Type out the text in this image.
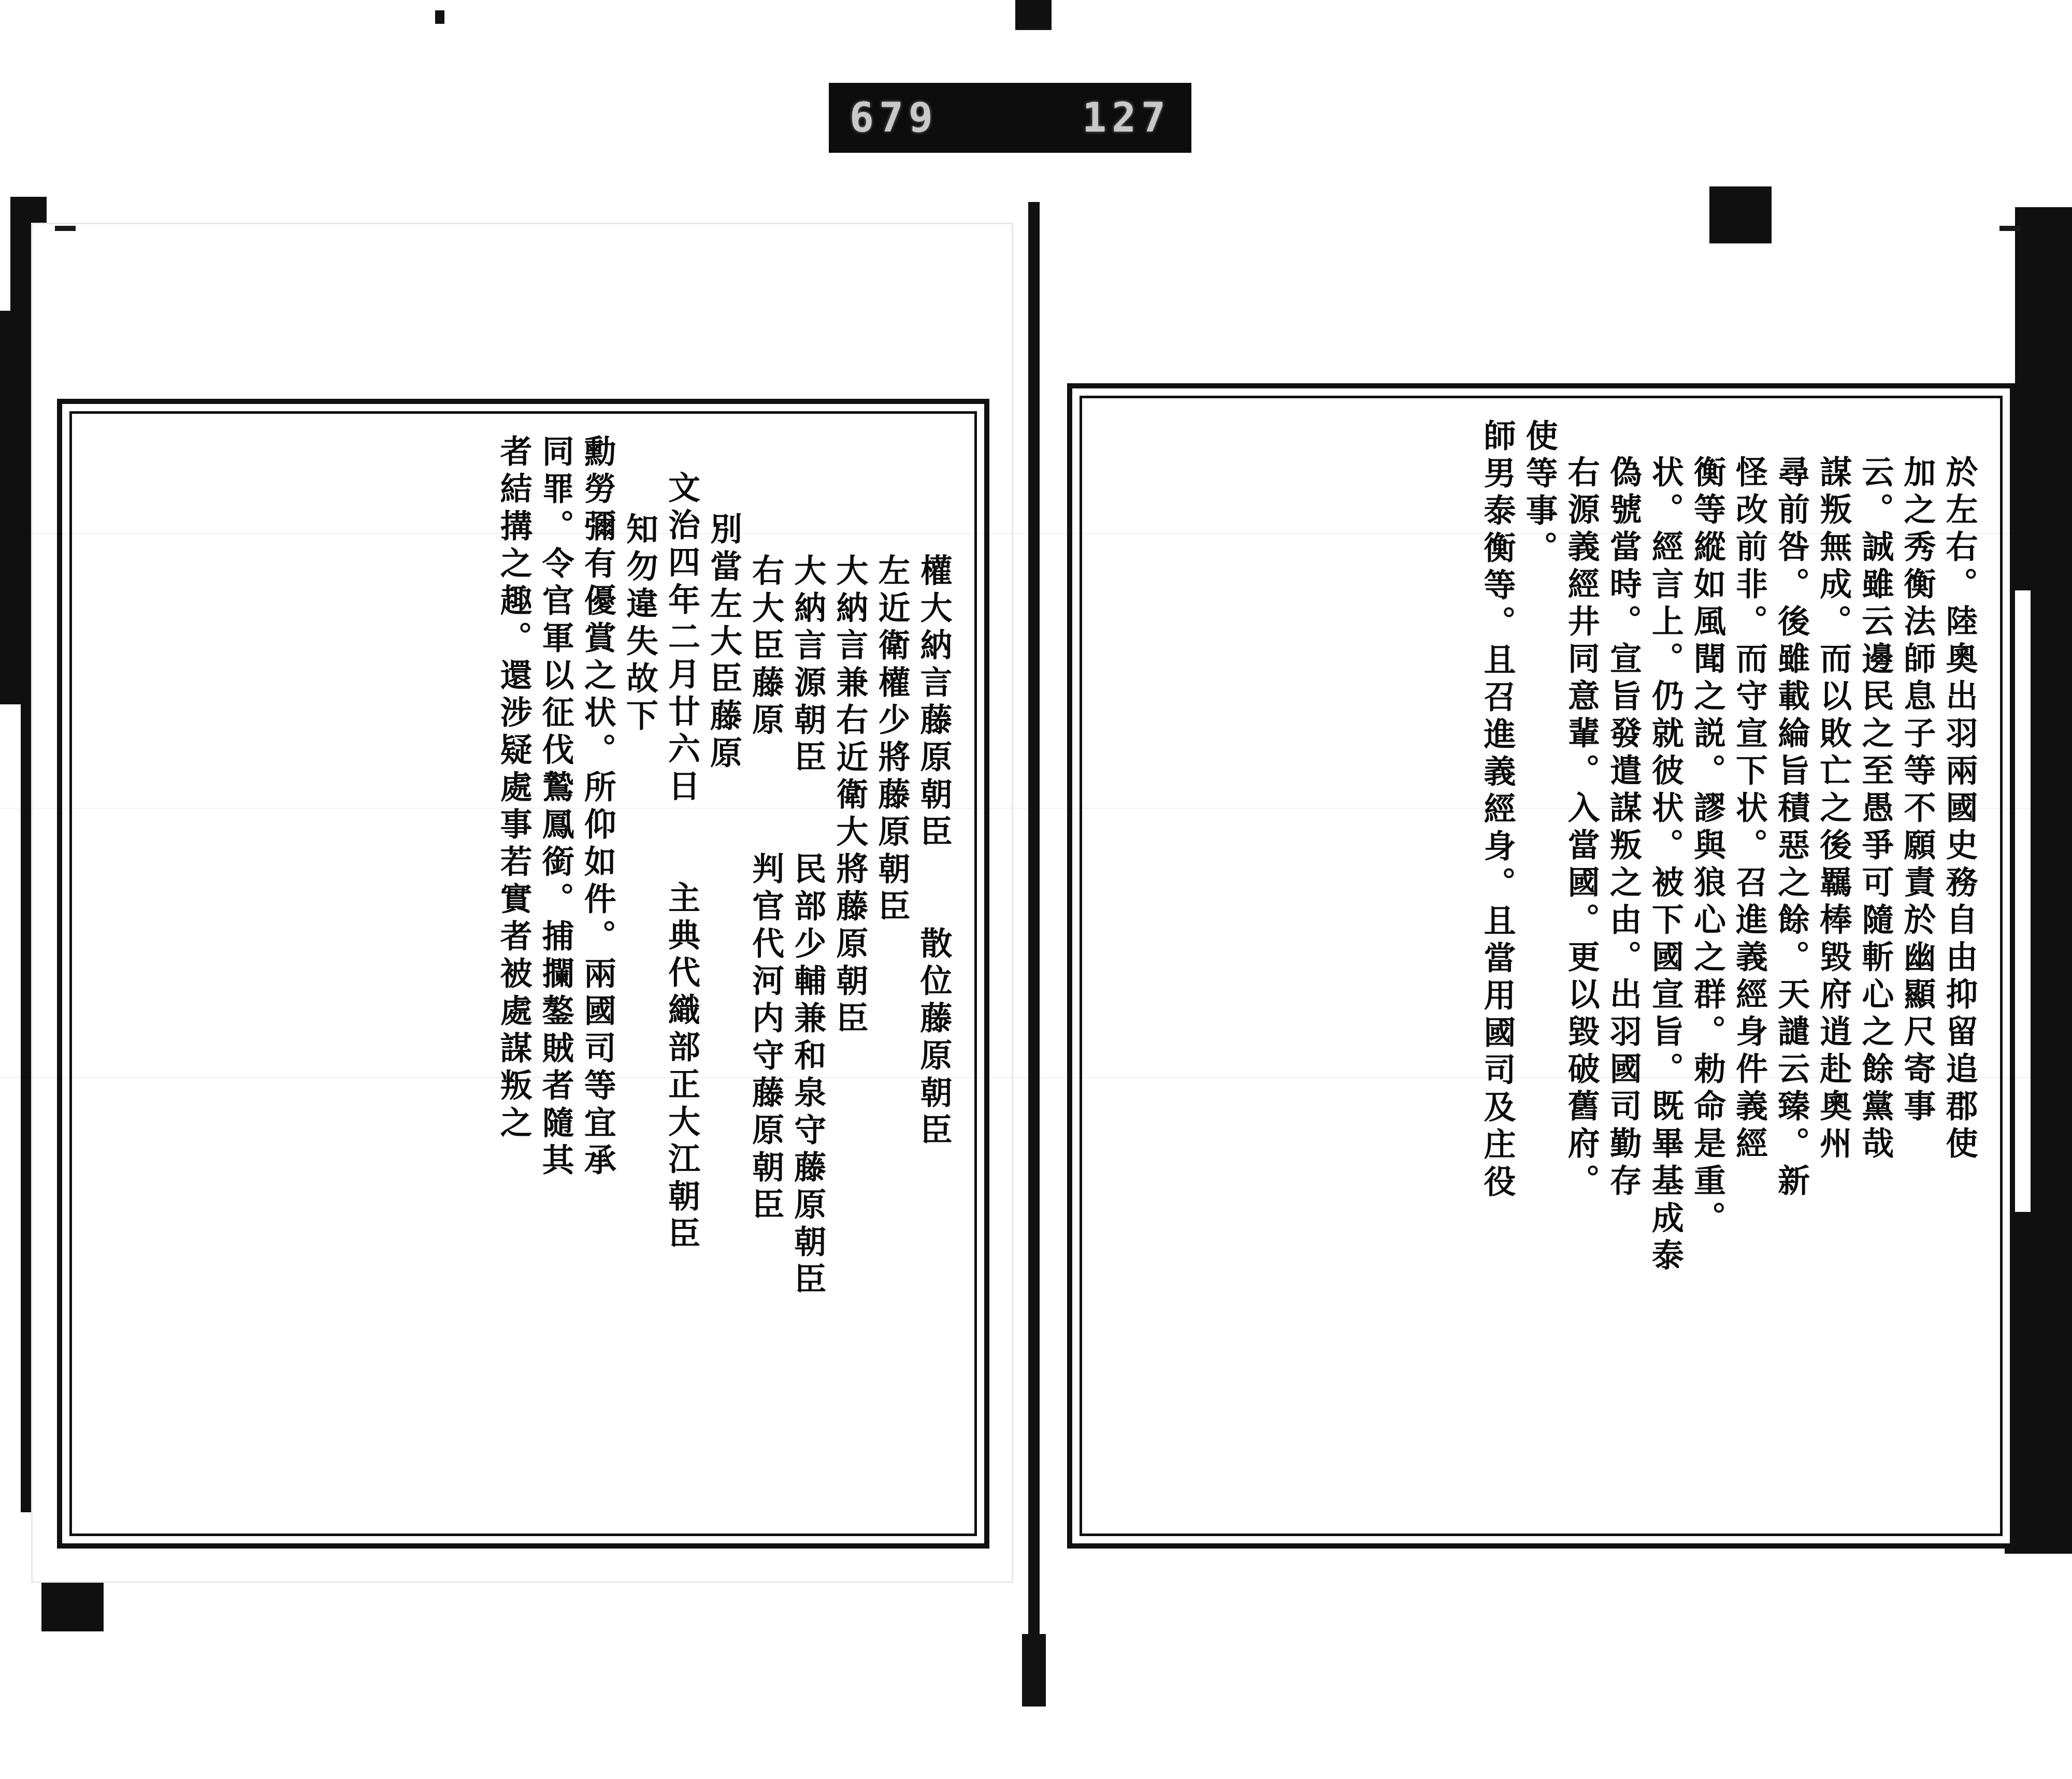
679	127
者結搆之趣。還涉疑處事若實者被處謀叛之 同罪。令官軍以征伐鷙鳳銜。捕攔鏊賊者隨其 勳勞彌有優賞之状。所仰如件。兩國司等宜承 知勿違失故下 文治四年二月廿六日　　主典代織部正大江朝臣 別當左大臣藤原 右大臣藤原　　　判官代河内守藤原朝臣 大納言源朝臣　　民部少輔兼和泉守藤原朝臣 大納言兼右近衛大將藤原朝臣 左近衛權少將藤原朝臣 權大納言藤原朝臣　　散位藤原朝臣	師男泰衡等。且召進義經身。且當用國司及庄役 使等事。 右源義經井同意輩。入當國。更以毀破舊府。 偽號當時。宣旨發遣謀叛之由。出羽國司勤存 状。經言上。仍就彼状。被下國宣旨。既畢基成泰 衡等縱如風聞之説。謬與狼心之群。勅命是重。 怪改前非。而守宣下状。召進義經身件義經 尋前咎。後雖載綸旨積惡之餘。天譴云臻。新 謀叛無成。而以敗亡之後羈棒毀府逍赴奧州 云。誠雖云邊民之至愚爭可隨斬心之餘黨哉 加之秀衡法師息子等不願責於幽顯尺寄事 於左右。陸奧出羽兩國史務自由抑留追郡使
